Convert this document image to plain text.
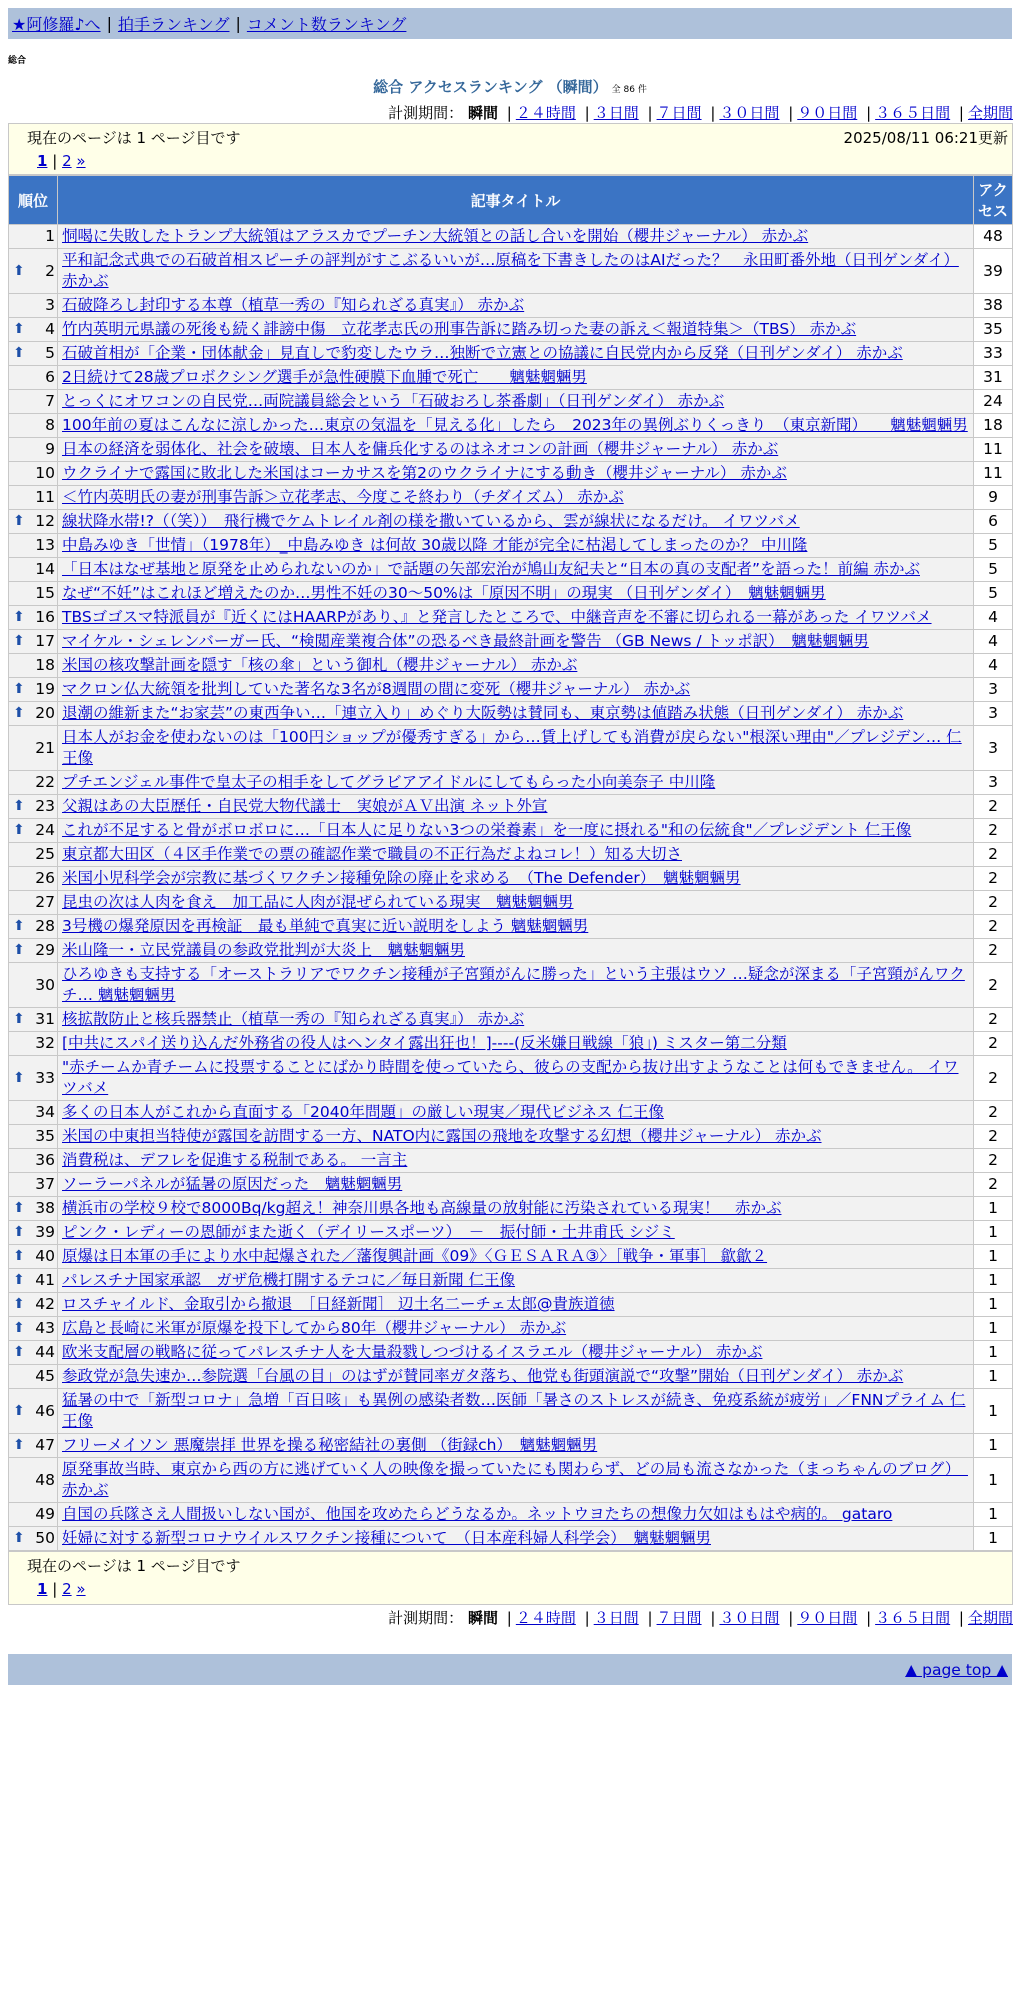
★阿修羅♪へ | 拍手ランキング | コメント数ランキング
総合
総合 アクセスランキング （瞬間） 全 86 件
計測期間： 瞬間 | ２４時間 | ３日間 | ７日間 | ３０日間 | ９０日間 | ３６５日間 | 全期間
現在のページは 1 ページ目です	2025/08/11 06:21更新
1 | 2 »
順位	記事タイトル	アクセス
1	恫喝に失敗したトランプ大統領はアラスカでプーチン大統領との話し合いを開始（櫻井ジャーナル） 赤かぶ	48

⬆ 2	平和記念式典での石破首相スピーチの評判がすこぶるいいが…原稿を下書きしたのはAIだった？　永田町番外地（日刊ゲンダイ） 赤かぶ	39
3	石破降ろし封印する本尊（植草一秀の『知られざる真実』） 赤かぶ	38

⬆ 4	竹内英明元県議の死後も続く誹謗中傷　立花孝志氏の刑事告訴に踏み切った妻の訴え＜報道特集＞（TBS） 赤かぶ	35

⬆ 5	石破首相が「企業・団体献金」見直しで豹変したウラ…独断で立憲との協議に自民党内から反発（日刊ゲンダイ） 赤かぶ	33
6	2日続けて28歳プロボクシング選手が急性硬膜下血腫で死亡　　魑魅魍魎男	31
7	とっくにオワコンの自民党…両院議員総会という「石破おろし茶番劇」（日刊ゲンダイ） 赤かぶ	24
8	100年前の夏はこんなに涼しかった…東京の気温を「見える化」したら　2023年の異例ぶりくっきり　（東京新聞）　　魑魅魍魎男	18
9	日本の経済を弱体化、社会を破壊、日本人を傭兵化するのはネオコンの計画（櫻井ジャーナル） 赤かぶ	11
10	ウクライナで露国に敗北した米国はコーカサスを第2のウクライナにする動き（櫻井ジャーナル） 赤かぶ	11
11	＜竹内英明氏の妻が刑事告訴＞立花孝志、今度こそ終わり（チダイズム） 赤かぶ	9

⬆ 12	線状降水帯!?（（笑））　飛行機でケムトレイル剤の様を撒いているから、雲が線状になるだけ。 イワツバメ	6
13	中島みゆき「世情」（1978年）_中島みゆき は何故 30歳以降 才能が完全に枯渇してしまったのか？ 中川隆	5
14	「日本はなぜ基地と原発を止められないのか」で話題の矢部宏治が鳩山友紀夫と“日本の真の支配者”を語った！前編 赤かぶ	5
15	なぜ“不妊”はこれほど増えたのか…男性不妊の30～50%は「原因不明」の現実 （日刊ゲンダイ）　魑魅魍魎男	5

⬆ 16	TBSゴゴスマ特派員が『近くにはHAARPがあり、』と発言したところで、中継音声を不審に切られる一幕があった イワツバメ	4

⬆ 17	マイケル・シェレンバーガー氏、“検閲産業複合体”の恐るべき最終計画を警告 （GB News / トッポ訳）　魑魅魍魎男	4
18	米国の核攻撃計画を隠す「核の傘」という御札（櫻井ジャーナル） 赤かぶ	4

⬆ 19	マクロン仏大統領を批判していた著名な3名が8週間の間に変死（櫻井ジャーナル） 赤かぶ	3

⬆ 20	退潮の維新また“お家芸”の東西争い…「連立入り」めぐり大阪勢は賛同も、東京勢は値踏み状態（日刊ゲンダイ） 赤かぶ	3
21	日本人がお金を使わないのは「100円ショップが優秀すぎる」から…賃上げしても消費が戻らない"根深い理由"／プレジデン… 仁王像	3
22	プチエンジェル事件で皇太子の相手をしてグラビアアイドルにしてもらった小向美奈子 中川隆	3

⬆ 23	父親はあの大臣歴任・自民党大物代議士　実娘がＡＶ出演 ネット外宣	2

⬆ 24	これが不足すると骨がボロボロに…「日本人に足りない3つの栄養素」を一度に摂れる"和の伝統食"／プレジデント 仁王像	2
25	東京都大田区（４区手作業での票の確認作業で職員の不正行為だよねコレ！）知る大切さ	2
26	米国小児科学会が宗教に基づくワクチン接種免除の廃止を求める　（The Defender）　魑魅魍魎男	2
27	昆虫の次は人肉を食え　加工品に人肉が混ぜられている現実　魑魅魍魎男	2

⬆ 28	3号機の爆発原因を再検証　最も単純で真実に近い説明をしよう 魑魅魍魎男	2

⬆ 29	米山隆一・立民党議員の参政党批判が大炎上　魑魅魍魎男	2
30	ひろゆきも支持する「オーストラリアでワクチン接種が子宮頸がんに勝った」という主張はウソ …疑念が深まる「子宮頸がんワクチ… 魑魅魍魎男	2

⬆ 31	核拡散防止と核兵器禁止（植草一秀の『知られざる真実』） 赤かぶ	2
32	[中共にスパイ送り込んだ外務省の役人はヘンタイ露出狂也！]----(反米嫌日戦線「狼」) ミスター第二分類	2

⬆ 33	"赤チームか青チームに投票することにばかり時間を使っていたら、彼らの支配から抜け出すようなことは何もできません。 イワツバメ	2
34	多くの日本人がこれから直面する「2040年問題」の厳しい現実／現代ビジネス 仁王像	2
35	米国の中東担当特使が露国を訪問する一方、NATO内に露国の飛地を攻撃する幻想（櫻井ジャーナル） 赤かぶ	2
36	消費税は、デフレを促進する税制である。 一言主	2
37	ソーラーパネルが猛暑の原因だった　魑魅魍魎男	2

⬆ 38	横浜市の学校９校で8000Bq/kg超え！神奈川県各地も高線量の放射能に汚染されている現実！　赤かぶ	1

⬆ 39	ピンク・レディーの恩師がまた逝く（デイリースポーツ）　－　振付師・土井甫氏 シジミ	1

⬆ 40	原爆は日本軍の手により水中起爆された／藩復興計画《09》〈ＧＥＳＡＲＡ③〉［戦争・軍事］ 歙歙２	1

⬆ 41	パレスチナ国家承認　ガザ危機打開するテコに／毎日新聞 仁王像	1

⬆ 42	ロスチャイルド、金取引から撤退　［日経新聞］ 辺土名二ーチェ太郎@貴族道徳	1

⬆ 43	広島と長崎に米軍が原爆を投下してから80年（櫻井ジャーナル） 赤かぶ	1

⬆ 44	欧米支配層の戦略に従ってパレスチナ人を大量殺戮しつづけるイスラエル（櫻井ジャーナル） 赤かぶ	1
45	参政党が急失速か…参院選「台風の目」のはずが賛同率ガタ落ち、他党も街頭演説で“攻撃”開始（日刊ゲンダイ） 赤かぶ	1

⬆ 46	猛暑の中で「新型コロナ」急増「百日咳」も異例の感染者数…医師「暑さのストレスが続き、免疫系統が疲労」／FNNプライム 仁王像	1

⬆ 47	フリーメイソン 悪魔崇拝 世界を操る秘密結社の裏側 （街録ch）　魑魅魍魎男	1
48	原発事故当時、東京から西の方に逃げていく人の映像を撮っていたにも関わらず、どの局も流さなかった（まっちゃんのブログ）　赤かぶ	1
49	自国の兵隊さえ人間扱いしない国が、他国を攻めたらどうなるか。ネットウヨたちの想像力欠如はもはや病的。 gataro	1

⬆ 50	妊婦に対する新型コロナウイルスワクチン接種について　（日本産科婦人科学会）　魑魅魍魎男	1
現在のページは 1 ページ目です
1 | 2 »
計測期間： 瞬間 | ２４時間 | ３日間 | ７日間 | ３０日間 | ９０日間 | ３６５日間 | 全期間
▲ page top ▲
